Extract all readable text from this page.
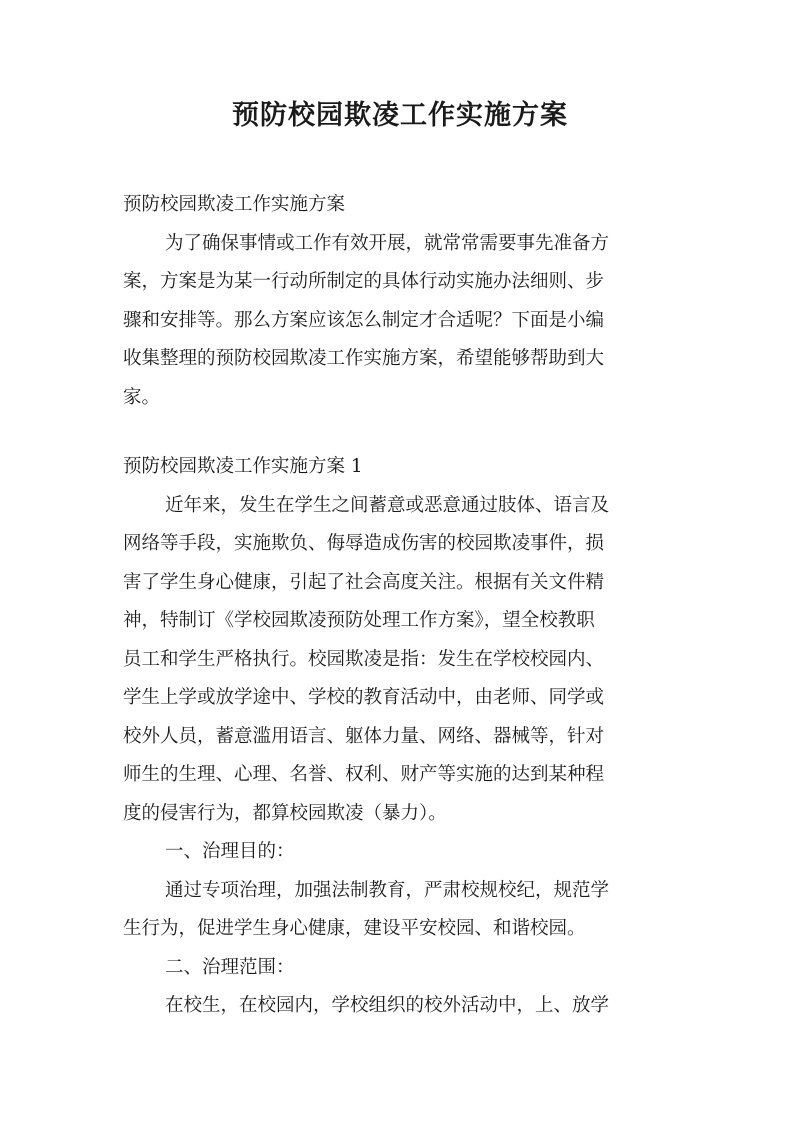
预防校园欺凌工作实施方案
预防校园欺凌工作实施方案
为了确保事情或工作有效开展，就常常需要事先准备方
案，方案是为某一行动所制定的具体行动实施办法细则、步
骤和安排等。那么方案应该怎么制定才合适呢？下面是小编
收集整理的预防校园欺凌工作实施方案，希望能够帮助到大
家。
预防校园欺凌工作实施方案 1
近年来，发生在学生之间蓄意或恶意通过肢体、语言及
网络等手段，实施欺负、侮辱造成伤害的校园欺凌事件，损
害了学生身心健康，引起了社会高度关注。根据有关文件精
神，特制订《学校园欺凌预防处理工作方案》，望全校教职
员工和学生严格执行。校园欺凌是指：发生在学校校园内、
学生上学或放学途中、学校的教育活动中，由老师、同学或
校外人员，蓄意滥用语言、躯体力量、网络、器械等，针对
师生的生理、心理、名誉、权利、财产等实施的达到某种程
度的侵害行为，都算校园欺凌（暴力）。
一、治理目的：
通过专项治理，加强法制教育，严肃校规校纪，规范学
生行为，促进学生身心健康，建设平安校园、和谐校园。
二、治理范围：
在校生，在校园内，学校组织的校外活动中，上、放学
